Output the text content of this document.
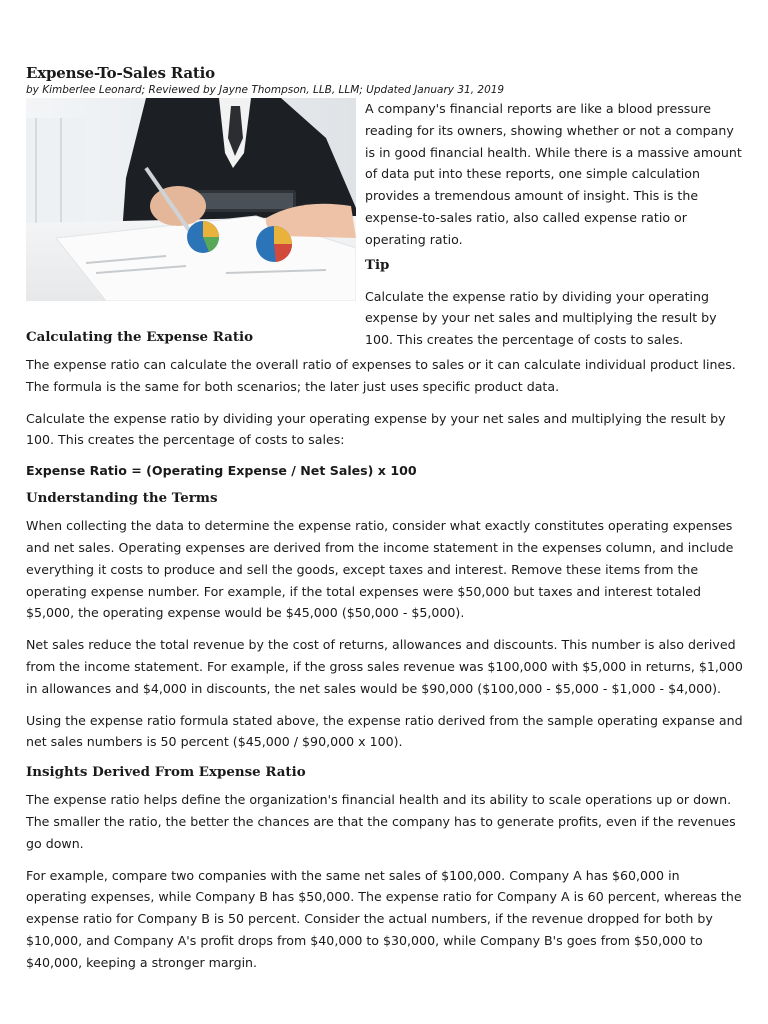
Expense-To-Sales Ratio
by Kimberlee Leonard; Reviewed by Jayne Thompson, LLB, LLM; Updated January 31, 2019

A company's financial reports are like a blood pressure reading for its owners, showing whether or not a company is in good financial health. While there is a massive amount of data put into these reports, one simple calculation provides a tremendous amount of insight. This is the expense-to-sales ratio, also called expense ratio or operating ratio.

Tip

Calculate the expense ratio by dividing your operating expense by your net sales and multiplying the result by 100. This creates the percentage of costs to sales.

Calculating the Expense Ratio

The expense ratio can calculate the overall ratio of expenses to sales or it can calculate individual product lines. The formula is the same for both scenarios; the later just uses specific product data.

Calculate the expense ratio by dividing your operating expense by your net sales and multiplying the result by 100. This creates the percentage of costs to sales:

Expense Ratio = (Operating Expense / Net Sales) x 100
Understanding the Terms

When collecting the data to determine the expense ratio, consider what exactly constitutes operating expenses and net sales. Operating expenses are derived from the income statement in the expenses column, and include everything it costs to produce and sell the goods, except taxes and interest. Remove these items from the operating expense number. For example, if the total expenses were $50,000 but taxes and interest totaled $5,000, the operating expense would be $45,000 ($50,000 - $5,000).

Net sales reduce the total revenue by the cost of returns, allowances and discounts. This number is also derived from the income statement. For example, if the gross sales revenue was $100,000 with $5,000 in returns, $1,000 in allowances and $4,000 in discounts, the net sales would be $90,000 ($100,000 - $5,000 - $1,000 - $4,000).

Using the expense ratio formula stated above, the expense ratio derived from the sample operating expanse and net sales numbers is 50 percent ($45,000 / $90,000 x 100).

Insights Derived From Expense Ratio

The expense ratio helps define the organization's financial health and its ability to scale operations up or down. The smaller the ratio, the better the chances are that the company has to generate profits, even if the revenues go down.

For example, compare two companies with the same net sales of $100,000. Company A has $60,000 in operating expenses, while Company B has $50,000. The expense ratio for Company A is 60 percent, whereas the expense ratio for Company B is 50 percent. Consider the actual numbers, if the revenue dropped for both by $10,000, and Company A's profit drops from $40,000 to $30,000, while Company B's goes from $50,000 to $40,000, keeping a stronger margin.
